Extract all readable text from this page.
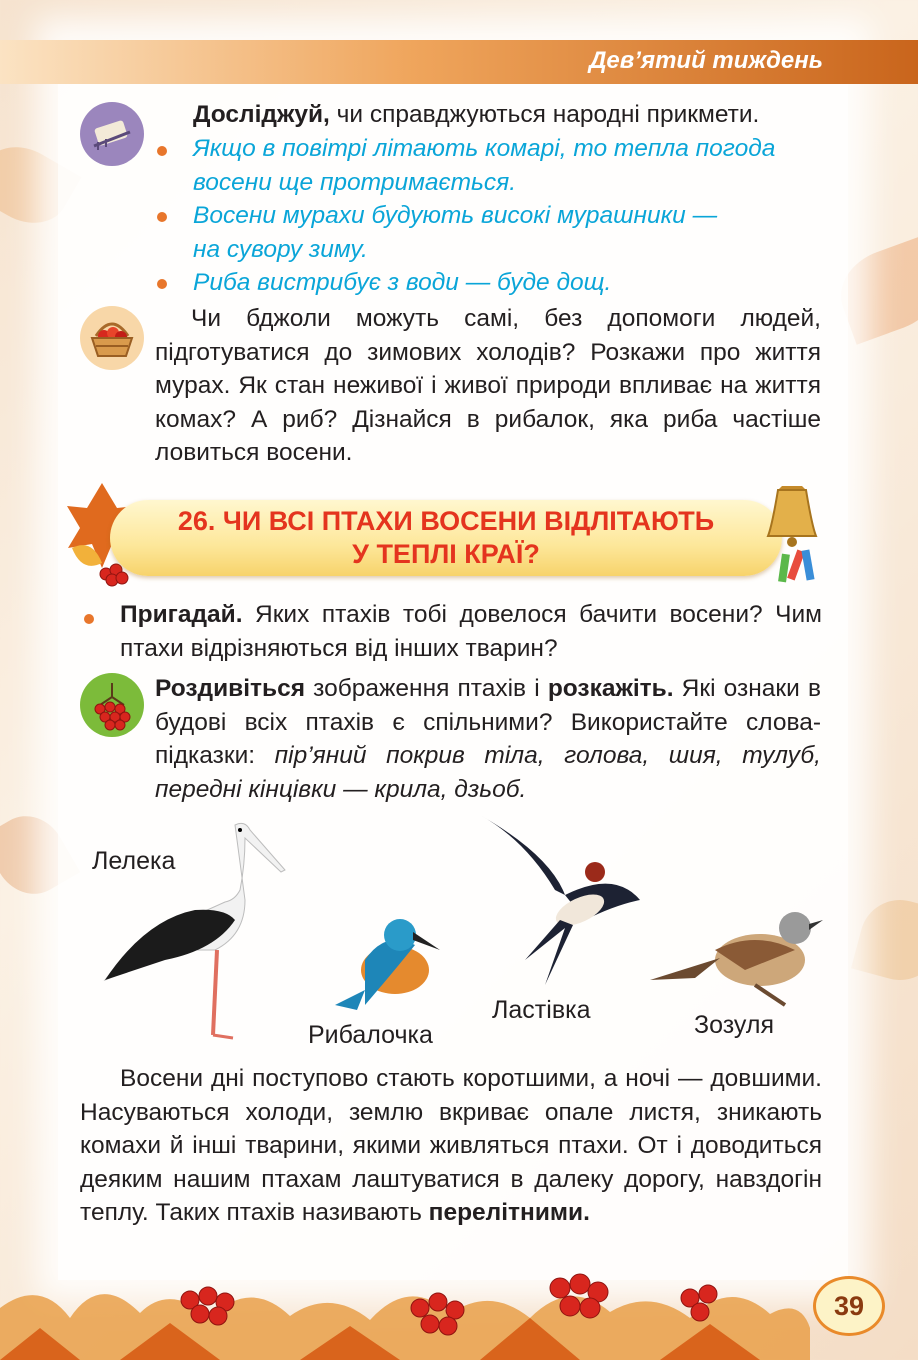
Дев’ятий тиждень

Досліджуй, чи справджуються народні прикмети.

Якщо в повітрі літають комарі, то тепла погода
восени ще протримається.

Восени мурахи будують високі мурашники —
на сувору зиму.

Риба вистрибує з води — буде дощ.

Чи бджоли можуть самі, без допомоги людей, підготуватися до зимових холодів? Розкажи про життя мурах. Як стан неживої і живої природи впливає на життя комах? А риб? Дізнайся в рибалок, яка риба частіше ловиться восени.

26. ЧИ ВСІ ПТАХИ ВОСЕНИ ВІДЛІТАЮТЬ
У ТЕПЛІ КРАЇ?

Пригадай. Яких птахів тобі довелося бачити восени? Чим птахи відрізняються від інших тварин?

Роздивіться зображення птахів і розкажіть. Які ознаки в будові всіх птахів є спільними? Використайте слова-підказки: пір’яний покрив тіла, голова, шия, тулуб, передні кінцівки — крила, дзьоб.

Лелека
Рибалочка
Ластівка
Зозуля

Восени дні поступово стають коротшими, а ночі — довшими. Насуваються холоди, землю вкриває опале листя, зникають комахи й інші тварини, якими живляться птахи. От і доводиться деяким нашим птахам лаштуватися в далеку дорогу, навздогін теплу. Таких птахів називають перелітними.

39
